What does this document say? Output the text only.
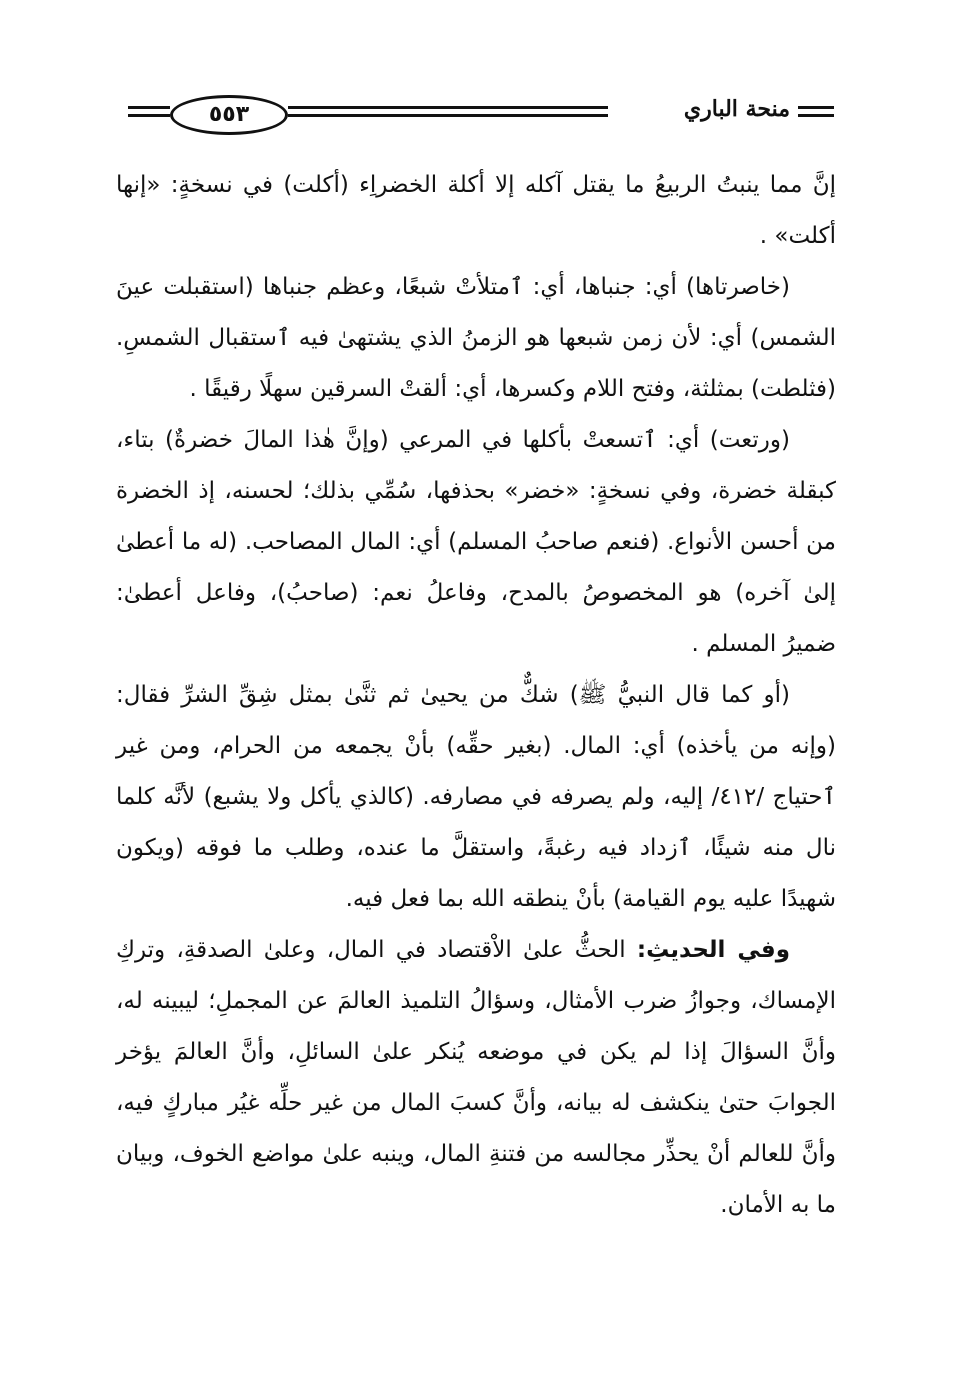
٥٥٣	منحة الباري

إنَّ مما ينبتُ الربيعُ ما يقتل آكله إلا أكلة الخضراِء (أكلت) في نسخةٍ: «إنها أكلت» .

(خاصرتاها) أي: جنباها، أي: ٱمتلأتْ شبعًا، وعظم جنباها (استقبلت عينَ الشمس) أي: لأن زمن شبعها هو الزمنُ الذي يشتهىٰ فيه ٱستقبال الشمسِ. (فثلطت) بمثلثة، وفتح اللام وكسرها، أي: ألقتْ السرقين سهلًا رقيقًا .

(ورتعت) أي: ٱتسعتْ بأكلها في المرعي (وإنَّ هٰذا المالَ خضرةٌ) بتاء، كبقلة خضرة، وفي نسخةٍ: «خضر» بحذفها، سُمِّي بذلك؛ لحسنه، إذ الخضرة من أحسن الأنواع. (فنعم صاحبُ المسلم) أي: المال المصاحب. (له ما أعطىٰ إلىٰ آخره) هو المخصوصُ بالمدح، وفاعلُ نعم: (صاحبُ)، وفاعل أعطىٰ: ضميرُ المسلم .

(أو كما قال النبيُّ ﷺ) شكٌّ من يحيىٰ ثم ثنَّىٰ بمثل شِقِّ الشرِّ فقال: (وإنه من يأخذه) أي: المال. (بغير حقِّه) بأنْ يجمعه من الحرام، ومن غير ٱحتياج /٤١٢/ إليه، ولم يصرفه في مصارفه. (كالذي يأكل ولا يشبع) لأنَّه كلما نال منه شيئًا، ٱزداد فيه رغبةً، واستقلَّ ما عنده، وطلب ما فوقه (ويكون شهيدًا عليه يوم القيامة) بأنْ ينطقه الله بما فعل فيه.

وفي الحديثِ: الحثُّ علىٰ الاْقتصاد في المال، وعلىٰ الصدقةِ، وتركِ الإمساك، وجوازُ ضرب الأمثال، وسؤالُ التلميذ العالمَ عن المجملِ؛ ليبينه له، وأنَّ السؤالَ إذا لم يكن في موضعه يُنكر علىٰ السائلِ، وأنَّ العالمَ يؤخر الجوابَ حتىٰ ينكشف له بيانه، وأنَّ كسبَ المال من غير حلِّه غيُر مباركٍ فيه، وأنَّ للعالم أنْ يحذِّر مجالسه من فتنةِ المال، وينبه علىٰ مواضع الخوف، وبيان ما به الأمان.
